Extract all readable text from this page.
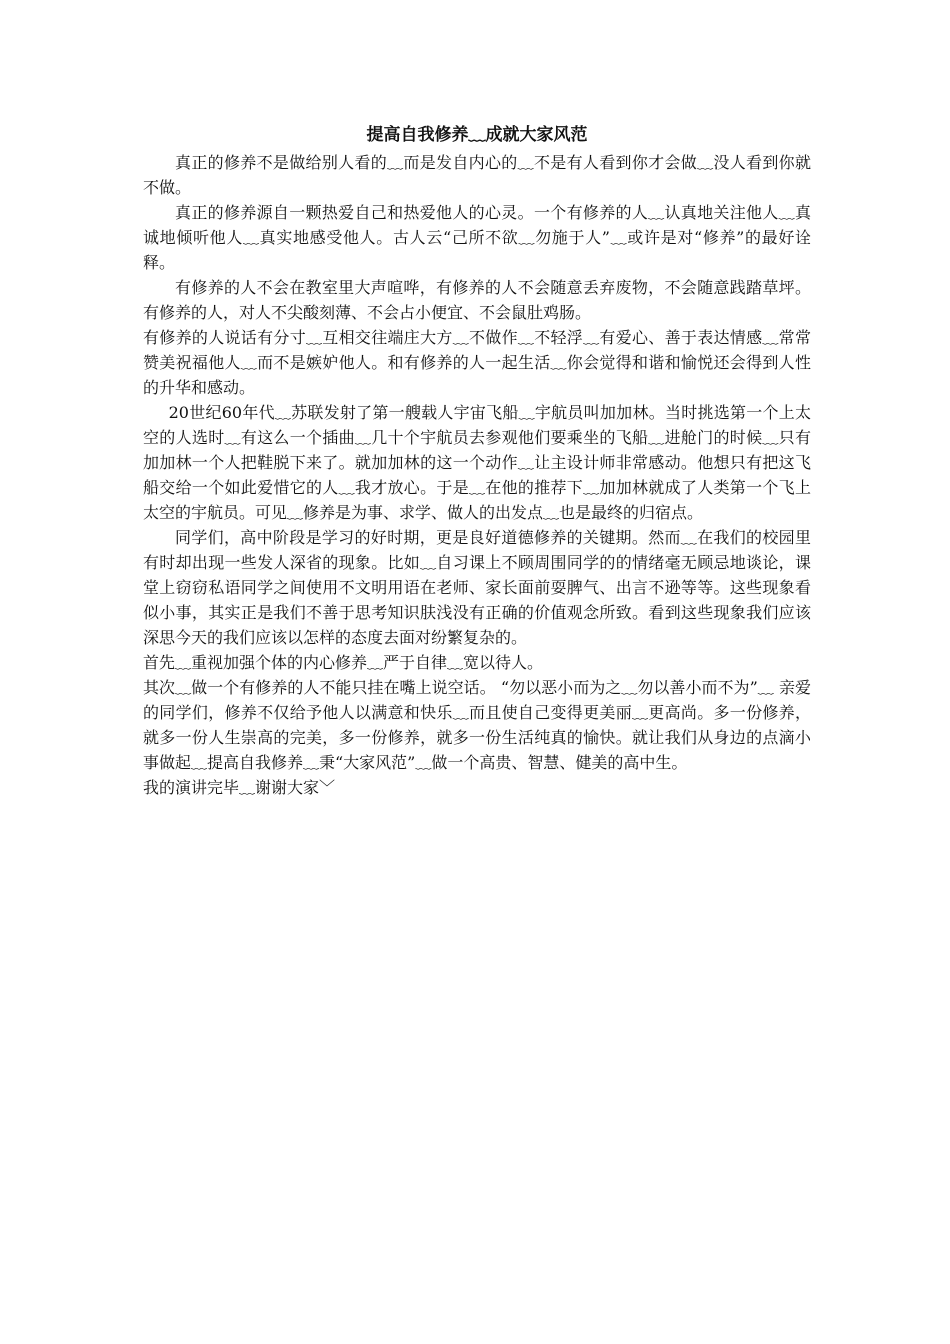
提高自我修养﹏成就大家风范

真正的修养不是做给别人看的﹏而是发自内心的﹏不是有人看到你才会做﹏没人看到你就不做。

真正的修养源自一颗热爱自己和热爱他人的心灵。一个有修养的人﹏认真地关注他人﹏真诚地倾听他人﹏真实地感受他人。古人云“己所不欲﹏勿施于人”﹏或许是对“修养”的最好诠释。

有修养的人不会在教室里大声喧哗，有修养的人不会随意丢弃废物，不会随意践踏草坪。有修养的人，对人不尖酸刻薄、不会占小便宜、不会鼠肚鸡肠。

有修养的人说话有分寸﹏互相交往端庄大方﹏不做作﹏不轻浮﹏有爱心、善于表达情感﹏常常赞美祝福他人﹏而不是嫉妒他人。和有修养的人一起生活﹏你会觉得和谐和愉悦还会得到人性的升华和感动。

20世纪60年代﹏苏联发射了第一艘载人宇宙飞船﹏宇航员叫加加林。当时挑选第一个上太空的人选时﹏有这么一个插曲﹏几十个宇航员去参观他们要乘坐的飞船﹏进舱门的时候﹏只有加加林一个人把鞋脱下来了。就加加林的这一个动作﹏让主设计师非常感动。他想只有把这飞船交给一个如此爱惜它的人﹏我才放心。于是﹏在他的推荐下﹏加加林就成了人类第一个飞上太空的宇航员。可见﹏修养是为事、求学、做人的出发点﹏也是最终的归宿点。

同学们，高中阶段是学习的好时期，更是良好道德修养的关键期。然而﹏在我们的校园里有时却出现一些发人深省的现象。比如﹏自习课上不顾周围同学的的情绪毫无顾忌地谈论，课堂上窃窃私语同学之间使用不文明用语在老师、家长面前耍脾气、出言不逊等等。这些现象看似小事，其实正是我们不善于思考知识肤浅没有正确的价值观念所致。看到这些现象我们应该深思今天的我们应该以怎样的态度去面对纷繁复杂的。

首先﹏重视加强个体的内心修养﹏严于自律﹏宽以待人。

其次﹏做一个有修养的人不能只挂在嘴上说空话。 “勿以恶小而为之﹏勿以善小而不为”﹏ 亲爱的同学们，修养不仅给予他人以满意和快乐﹏而且使自己变得更美丽﹏更高尚。多一份修养，就多一份人生崇高的完美，多一份修养，就多一份生活纯真的愉快。就让我们从身边的点滴小事做起﹏提高自我修养﹏秉“大家风范”﹏做一个高贵、智慧、健美的高中生。

我的演讲完毕﹏谢谢大家﹀
